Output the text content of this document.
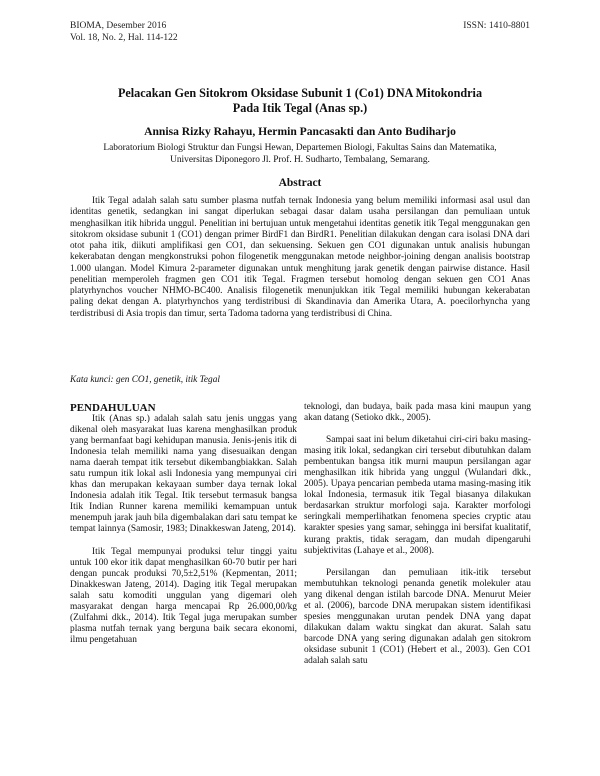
BIOMA, Desember 2016
Vol. 18, No. 2, Hal. 114-122
ISSN: 1410-8801
Pelacakan Gen Sitokrom Oksidase Subunit 1 (Co1) DNA Mitokondria
Pada Itik Tegal (Anas sp.)
Annisa Rizky Rahayu, Hermin Pancasakti dan Anto Budiharjo
Laboratorium Biologi Struktur dan Fungsi Hewan, Departemen Biologi, Fakultas Sains dan Matematika,
Universitas Diponegoro Jl. Prof. H. Sudharto, Tembalang, Semarang.
Abstract

Itik Tegal adalah salah satu sumber plasma nutfah ternak Indonesia yang belum memiliki informasi asal usul dan identitas genetik, sedangkan ini sangat diperlukan sebagai dasar dalam usaha persilangan dan pemuliaan untuk menghasilkan itik hibrida unggul. Penelitian ini bertujuan untuk mengetahui identitas genetik itik Tegal menggunakan gen sitokrom oksidase subunit 1 (CO1) dengan primer BirdF1 dan BirdR1. Penelitian dilakukan dengan cara isolasi DNA dari otot paha itik, diikuti amplifikasi gen CO1, dan sekuensing. Sekuen gen CO1 digunakan untuk analisis hubungan kekerabatan dengan mengkonstruksi pohon filogenetik menggunakan metode neighbor-joining dengan analisis bootstrap 1.000 ulangan. Model Kimura 2-parameter digunakan untuk menghitung jarak genetik dengan pairwise distance. Hasil penelitian memperoleh fragmen gen CO1 itik Tegal. Fragmen tersebut homolog dengan sekuen gen CO1 Anas platyrhynchos voucher NHMO-BC400. Analisis filogenetik menunjukkan itik Tegal memiliki hubungan kekerabatan paling dekat dengan A. platyrhynchos yang terdistribusi di Skandinavia dan Amerika Utara, A. poecilorhyncha yang terdistribusi di Asia tropis dan timur, serta Tadoma tadorna yang terdistribusi di China.

Kata kunci: gen CO1, genetik, itik Tegal
PENDAHULUAN

Itik (Anas sp.) adalah salah satu jenis unggas yang dikenal oleh masyarakat luas karena menghasilkan produk yang bermanfaat bagi kehidupan manusia. Jenis-jenis itik di Indonesia telah memiliki nama yang disesuaikan dengan nama daerah tempat itik tersebut dikembangbiakkan. Salah satu rumpun itik lokal asli Indonesia yang mempunyai ciri khas dan merupakan kekayaan sumber daya ternak lokal Indonesia adalah itik Tegal. Itik tersebut termasuk bangsa Itik Indian Runner karena memiliki kemampuan untuk menempuh jarak jauh bila digembalakan dari satu tempat ke tempat lainnya (Samosir, 1983; Dinakkeswan Jateng, 2014).

Itik Tegal mempunyai produksi telur tinggi yaitu untuk 100 ekor itik dapat menghasilkan 60-70 butir per hari dengan puncak produksi 70,5±2,51% (Kepmentan, 2011; Dinakkeswan Jateng, 2014). Daging itik Tegal merupakan salah satu komoditi unggulan yang digemari oleh masyarakat dengan harga mencapai Rp 26.000,00/kg (Zulfahmi dkk., 2014). Itik Tegal juga merupakan sumber plasma nutfah ternak yang berguna baik secara ekonomi, ilmu pengetahuan

teknologi, dan budaya, baik pada masa kini maupun yang akan datang (Setioko dkk., 2005).

Sampai saat ini belum diketahui ciri-ciri baku masing-masing itik lokal, sedangkan ciri tersebut dibutuhkan dalam pembentukan bangsa itik murni maupun persilangan agar menghasilkan itik hibrida yang unggul (Wulandari dkk., 2005). Upaya pencarian pembeda utama masing-masing itik lokal Indonesia, termasuk itik Tegal biasanya dilakukan berdasarkan struktur morfologi saja. Karakter morfologi seringkali memperlihatkan fenomena species cryptic atau karakter spesies yang samar, sehingga ini bersifat kualitatif, kurang praktis, tidak seragam, dan mudah dipengaruhi subjektivitas (Lahaye et al., 2008).

Persilangan dan pemuliaan itik-itik tersebut membutuhkan teknologi penanda genetik molekuler atau yang dikenal dengan istilah barcode DNA. Menurut Meier et al. (2006), barcode DNA merupakan sistem identifikasi spesies menggunakan urutan pendek DNA yang dapat dilakukan dalam waktu singkat dan akurat. Salah satu barcode DNA yang sering digunakan adalah gen sitokrom oksidase subunit 1 (CO1) (Hebert et al., 2003). Gen CO1 adalah salah satu
